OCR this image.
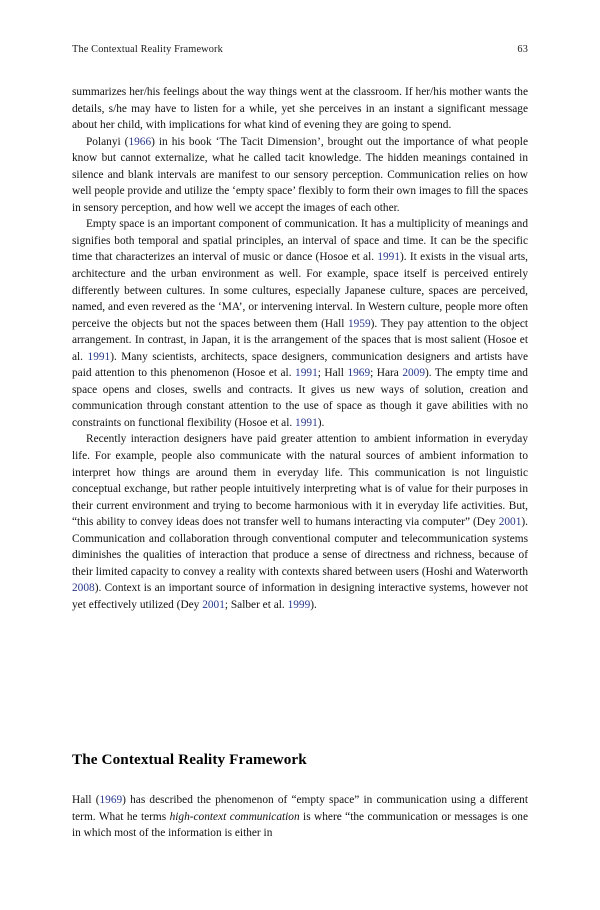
The Contextual Reality Framework	63

summarizes her/his feelings about the way things went at the classroom. If her/his mother wants the details, s/he may have to listen for a while, yet she perceives in an instant a significant message about her child, with implications for what kind of evening they are going to spend.

Polanyi (1966) in his book ‘The Tacit Dimension’, brought out the importance of what people know but cannot externalize, what he called tacit knowledge. The hidden meanings contained in silence and blank intervals are manifest to our sensory perception. Communication relies on how well people provide and utilize the ‘empty space’ flexibly to form their own images to fill the spaces in sensory perception, and how well we accept the images of each other.

Empty space is an important component of communication. It has a multiplicity of meanings and signifies both temporal and spatial principles, an interval of space and time. It can be the specific time that characterizes an interval of music or dance (Hosoe et al. 1991). It exists in the visual arts, architecture and the urban environment as well. For example, space itself is perceived entirely differently between cultures. In some cultures, especially Japanese culture, spaces are perceived, named, and even revered as the ‘MA’, or intervening interval. In Western culture, people more often perceive the objects but not the spaces between them (Hall 1959). They pay attention to the object arrangement. In contrast, in Japan, it is the arrangement of the spaces that is most salient (Hosoe et al. 1991). Many scientists, architects, space designers, communication designers and artists have paid attention to this phenomenon (Hosoe et al. 1991; Hall 1969; Hara 2009). The empty time and space opens and closes, swells and contracts. It gives us new ways of solution, creation and communication through constant attention to the use of space as though it gave abilities with no constraints on functional flexibility (Hosoe et al. 1991).

Recently interaction designers have paid greater attention to ambient information in everyday life. For example, people also communicate with the natural sources of ambient information to interpret how things are around them in everyday life. This communication is not linguistic conceptual exchange, but rather people intuitively interpreting what is of value for their purposes in their current environment and trying to become harmonious with it in everyday life activities. But, “this ability to convey ideas does not transfer well to humans interacting via computer” (Dey 2001). Communication and collaboration through conventional computer and telecommunication systems diminishes the qualities of interaction that produce a sense of directness and richness, because of their limited capacity to convey a reality with contexts shared between users (Hoshi and Waterworth 2008). Context is an important source of information in designing interactive systems, however not yet effectively utilized (Dey 2001; Salber et al. 1999).

The Contextual Reality Framework

Hall (1969) has described the phenomenon of “empty space” in communication using a different term. What he terms high-context communication is where “the communication or messages is one in which most of the information is either in
